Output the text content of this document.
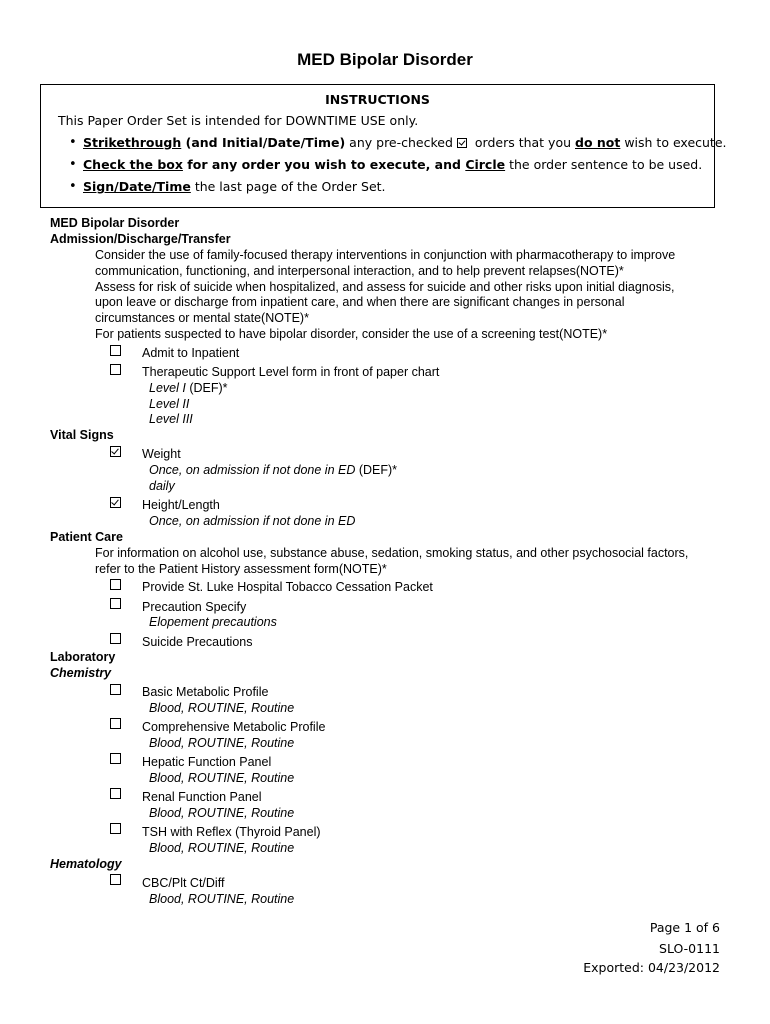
MED Bipolar Disorder
INSTRUCTIONS
This Paper Order Set is intended for DOWNTIME USE only.
• Strikethrough (and Initial/Date/Time) any pre-checked orders that you do not wish to execute.
• Check the box for any order you wish to execute, and Circle the order sentence to be used.
• Sign/Date/Time the last page of the Order Set.
MED Bipolar Disorder
Admission/Discharge/Transfer
Consider the use of family-focused therapy interventions in conjunction with pharmacotherapy to improve
communication, functioning, and interpersonal interaction, and to help prevent relapses(NOTE)*
Assess for risk of suicide when hospitalized, and assess for suicide and other risks upon initial diagnosis,
upon leave or discharge from inpatient care, and when there are significant changes in personal
circumstances or mental state(NOTE)*
For patients suspected to have bipolar disorder, consider the use of a screening test(NOTE)*
Admit to Inpatient
Therapeutic Support Level form in front of paper chart
Level I (DEF)*
Level II
Level III
Vital Signs
Weight
Once, on admission if not done in ED (DEF)*
daily
Height/Length
Once, on admission if not done in ED
Patient Care
For information on alcohol use, substance abuse, sedation, smoking status, and other psychosocial factors,
refer to the Patient History assessment form(NOTE)*
Provide St. Luke Hospital Tobacco Cessation Packet
Precaution Specify
Elopement precautions
Suicide Precautions
Laboratory
Chemistry
Basic Metabolic Profile
Blood, ROUTINE, Routine
Comprehensive Metabolic Profile
Blood, ROUTINE, Routine
Hepatic Function Panel
Blood, ROUTINE, Routine
Renal Function Panel
Blood, ROUTINE, Routine
TSH with Reflex (Thyroid Panel)
Blood, ROUTINE, Routine
Hematology
CBC/Plt Ct/Diff
Blood, ROUTINE, Routine
Page 1 of 6
SLO-0111
Exported: 04/23/2012
